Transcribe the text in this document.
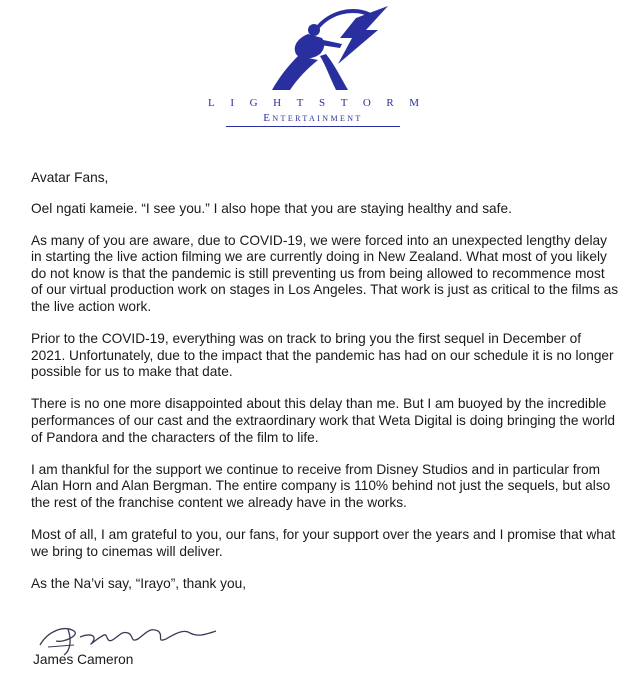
LIGHTSTORM
Entertainment

Avatar Fans,

Oel ngati kameie. “I see you.” I also hope that you are staying healthy and safe.

As many of you are aware, due to COVID-19, we were forced into an unexpected lengthy delay in starting the live action filming we are currently doing in New Zealand. What most of you likely do not know is that the pandemic is still preventing us from being allowed to recommence most of our virtual production work on stages in Los Angeles. That work is just as critical to the films as the live action work.

Prior to the COVID-19, everything was on track to bring you the first sequel in December of 2021. Unfortunately, due to the impact that the pandemic has had on our schedule it is no longer possible for us to make that date.

There is no one more disappointed about this delay than me. But I am buoyed by the incredible performances of our cast and the extraordinary work that Weta Digital is doing bringing the world of Pandora and the characters of the film to life.

I am thankful for the support we continue to receive from Disney Studios and in particular from Alan Horn and Alan Bergman. The entire company is 110% behind not just the sequels, but also the rest of the franchise content we already have in the works.

Most of all, I am grateful to you, our fans, for your support over the years and I promise that what we bring to cinemas will deliver.

As the Na’vi say, “Irayo”, thank you,

James Cameron
